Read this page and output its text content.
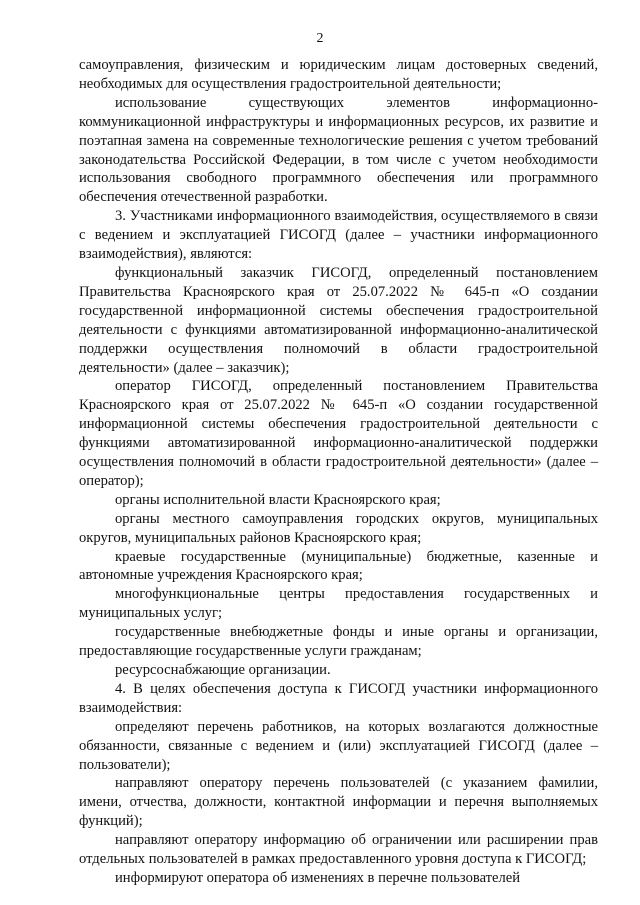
2

самоуправления, физическим и юридическим лицам достоверных сведений, необходимых для осуществления градостроительной деятельности;

использование существующих элементов информационно-коммуникационной инфраструктуры и информационных ресурсов, их развитие и поэтапная замена на современные технологические решения с учетом требований законодательства Российской Федерации, в том числе с учетом необходимости использования свободного программного обеспечения или программного обеспечения отечественной разработки.

3. Участниками информационного взаимодействия, осуществляемого в связи с ведением и эксплуатацией ГИСОГД (далее – участники информационного взаимодействия), являются:

функциональный заказчик ГИСОГД, определенный постановлением Правительства Красноярского края от 25.07.2022 № 645-п «О создании государственной информационной системы обеспечения градостроительной деятельности с функциями автоматизированной информационно-аналитической поддержки осуществления полномочий в области градостроительной деятельности» (далее – заказчик);

оператор ГИСОГД, определенный постановлением Правительства Красноярского края от 25.07.2022 № 645-п «О создании государственной информационной системы обеспечения градостроительной деятельности с функциями автоматизированной информационно-аналитической поддержки осуществления полномочий в области градостроительной деятельности» (далее – оператор);

органы исполнительной власти Красноярского края;

органы местного самоуправления городских округов, муниципальных округов, муниципальных районов Красноярского края;

краевые государственные (муниципальные) бюджетные, казенные и автономные учреждения Красноярского края;

многофункциональные центры предоставления государственных и муниципальных услуг;

государственные внебюджетные фонды и иные органы и организации, предоставляющие государственные услуги гражданам;

ресурсоснабжающие организации.

4. В целях обеспечения доступа к ГИСОГД участники информационного взаимодействия:

определяют перечень работников, на которых возлагаются должностные обязанности, связанные с ведением и (или) эксплуатацией ГИСОГД (далее – пользователи);

направляют оператору перечень пользователей (с указанием фамилии, имени, отчества, должности, контактной информации и перечня выполняемых функций);

направляют оператору информацию об ограничении или расширении прав отдельных пользователей в рамках предоставленного уровня доступа к ГИСОГД;

информируют оператора об изменениях в перечне пользователей
